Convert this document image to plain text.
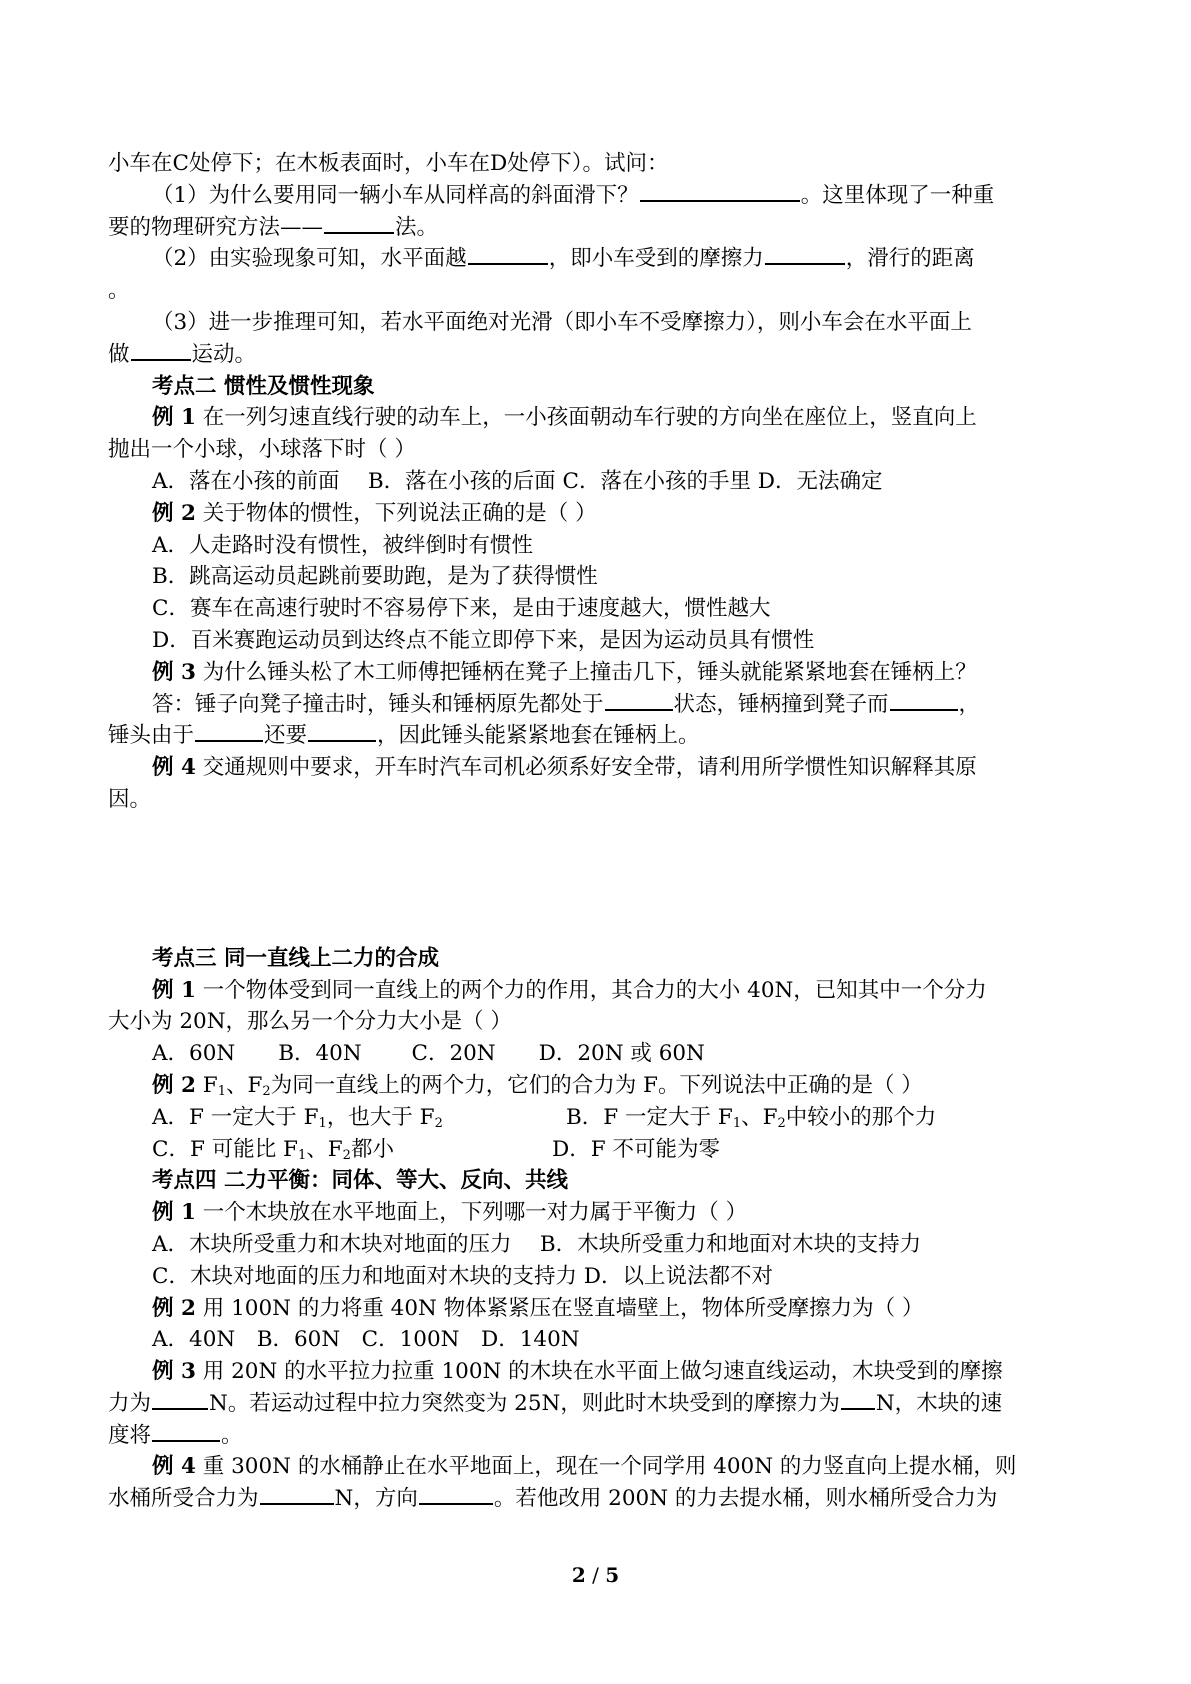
小车在C处停下；在木板表面时，小车在D处停下）。试问：
（1）为什么要用同一辆小车从同样高的斜面滑下？	。这里体现了一种重
要的物理研究方法——	法。
（2）由实验现象可知，水平面越	，即小车受到的摩擦力	，滑行的距离
。
（3）进一步推理可知，若水平面绝对光滑（即小车不受摩擦力），则小车会在水平面上
做	运动。
考点二 惯性及惯性现象
例 1 在一列匀速直线行驶的动车上，一小孩面朝动车行驶的方向坐在座位上，竖直向上
抛出一个小球，小球落下时（ ）
A．落在小孩的前面　 B．落在小孩的后面 C．落在小孩的手里 D．无法确定
例 2 关于物体的惯性，下列说法正确的是（ ）
A．人走路时没有惯性，被绊倒时有惯性
B．跳高运动员起跳前要助跑，是为了获得惯性
C．赛车在高速行驶时不容易停下来，是由于速度越大，惯性越大
D．百米赛跑运动员到达终点不能立即停下来，是因为运动员具有惯性
例 3 为什么锤头松了木工师傅把锤柄在凳子上撞击几下，锤头就能紧紧地套在锤柄上？
答：锤子向凳子撞击时，锤头和锤柄原先都处于	状态，锤柄撞到凳子而	，
锤头由于	还要	，因此锤头能紧紧地套在锤柄上。
例 4 交通规则中要求，开车时汽车司机必须系好安全带，请利用所学惯性知识解释其原
因。
考点三 同一直线上二力的合成
例 1 一个物体受到同一直线上的两个力的作用，其合力的大小 40N，已知其中一个分力
大小为 20N，那么另一个分力大小是（ ）
A．60N　　B．40N　　 C．20N　　D．20N 或 60N
例 2 $F_1$、$F_2$为同一直线上的两个力，它们的合力为 F。下列说法中正确的是（ ）
A．F 一定大于 $F_1$，也大于 $F_2$	B．F 一定大于 $F_1$、$F_2$中较小的那个力
C．F 可能比 $F_1$、$F_2$都小	D．F 不可能为零
考点四 二力平衡：同体、等大、反向、共线
例 1 一个木块放在水平地面上，下列哪一对力属于平衡力（ ）
A．木块所受重力和木块对地面的压力　 B．木块所受重力和地面对木块的支持力
C．木块对地面的压力和地面对木块的支持力 D．以上说法都不对
例 2 用 100N 的力将重 40N 物体紧紧压在竖直墙壁上，物体所受摩擦力为（ ）
A．40N　B．60N　C．100N　D．140N
例 3 用 20N 的水平拉力拉重 100N 的木块在水平面上做匀速直线运动，木块受到的摩擦
力为	N。若运动过程中拉力突然变为 25N，则此时木块受到的摩擦力为 N，木块的速
度将	。
例 4 重 300N 的水桶静止在水平地面上，现在一个同学用 400N 的力竖直向上提水桶，则
水桶所受合力为	N，方向	。若他改用 200N 的力去提水桶，则水桶所受合力为
2 / 5
